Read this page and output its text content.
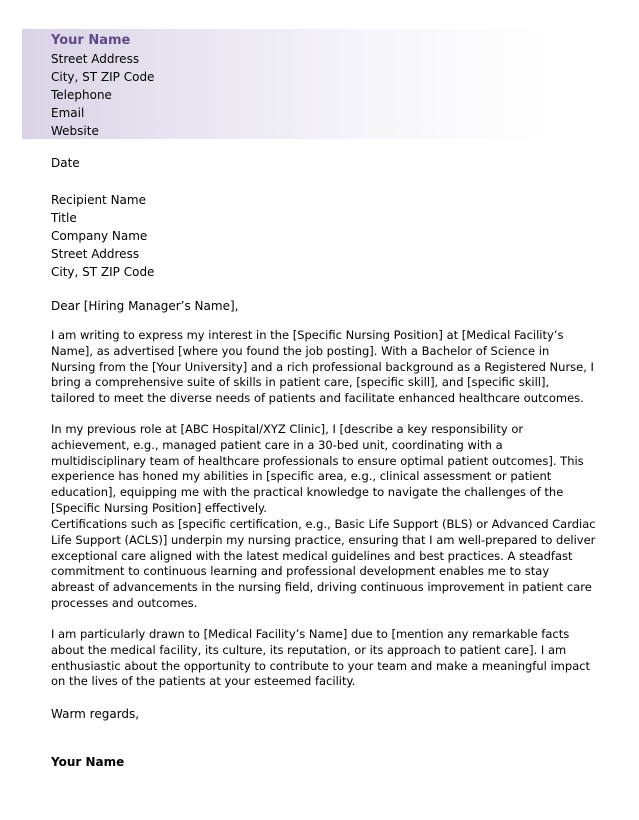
Your Name

Street Address

City, ST ZIP Code

Telephone

Email

Website

Date

Recipient Name

Title

Company Name

Street Address

City, ST ZIP Code

Dear [Hiring Manager’s Name],

I am writing to express my interest in the [Specific Nursing Position] at [Medical Facility’s Name], as advertised [where you found the job posting]. With a Bachelor of Science in Nursing from the [Your University] and a rich professional background as a Registered Nurse, I bring a comprehensive suite of skills in patient care, [specific skill], and [specific skill], tailored to meet the diverse needs of patients and facilitate enhanced healthcare outcomes.

In my previous role at [ABC Hospital/XYZ Clinic], I [describe a key responsibility or achievement, e.g., managed patient care in a 30-bed unit, coordinating with a multidisciplinary team of healthcare professionals to ensure optimal patient outcomes]. This experience has honed my abilities in [specific area, e.g., clinical assessment or patient education], equipping me with the practical knowledge to navigate the challenges of the [Specific Nursing Position] effectively.

Certifications such as [specific certification, e.g., Basic Life Support (BLS) or Advanced Cardiac Life Support (ACLS)] underpin my nursing practice, ensuring that I am well-prepared to deliver exceptional care aligned with the latest medical guidelines and best practices. A steadfast commitment to continuous learning and professional development enables me to stay abreast of advancements in the nursing field, driving continuous improvement in patient care processes and outcomes.

I am particularly drawn to [Medical Facility’s Name] due to [mention any remarkable facts about the medical facility, its culture, its reputation, or its approach to patient care]. I am enthusiastic about the opportunity to contribute to your team and make a meaningful impact on the lives of the patients at your esteemed facility.

Warm regards,

Your Name
